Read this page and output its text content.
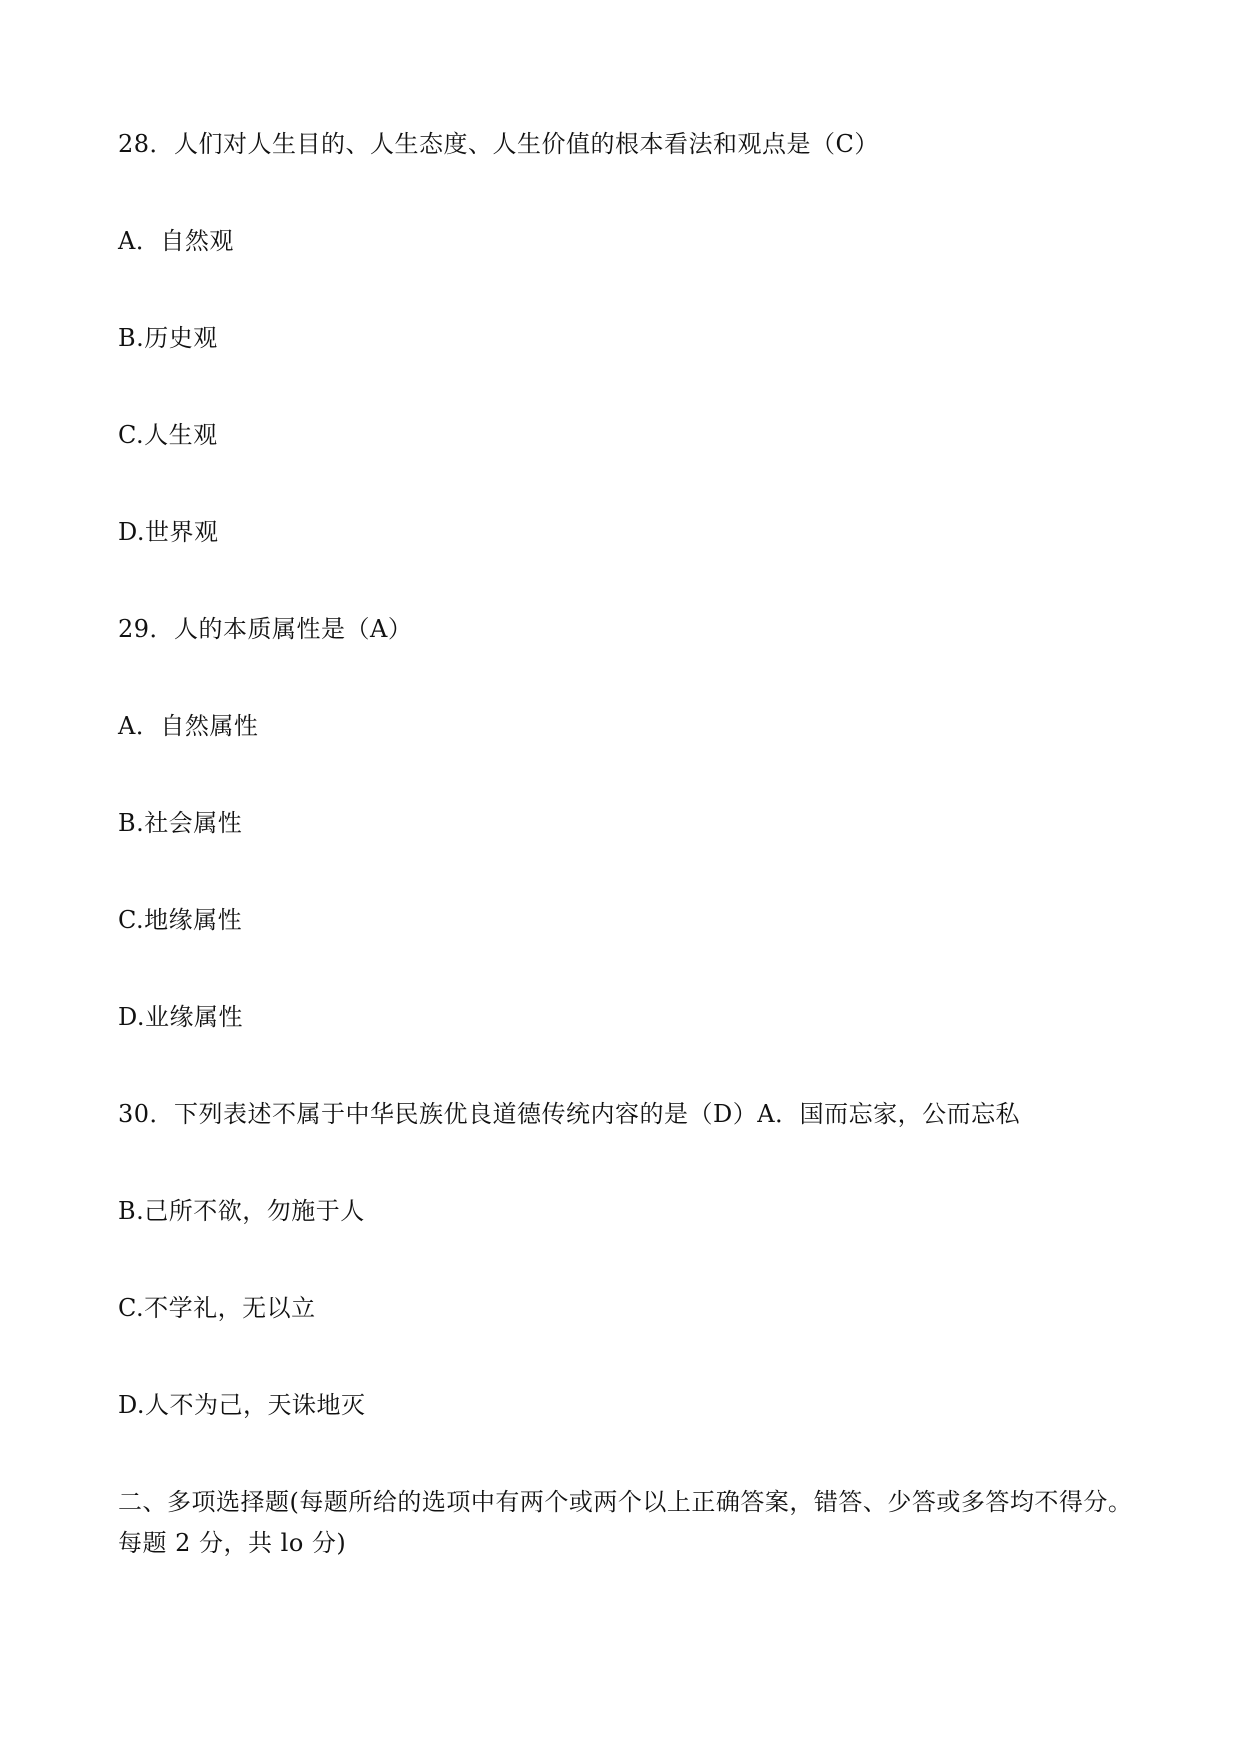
28．人们对人生目的、人生态度、人生价值的根本看法和观点是（C）
A．自然观
B.历史观
C.人生观
D.世界观
29．人的本质属性是（A）
A．自然属性
B.社会属性
C.地缘属性
D.业缘属性
30．下列表述不属于中华民族优良道德传统内容的是（D）A．国而忘家，公而忘私
B.己所不欲，勿施于人
C.不学礼，无以立
D.人不为己，天诛地灭
二、多项选择题(每题所给的选项中有两个或两个以上正确答案，错答、少答或多答均不得分。
每题 2 分，共 lo 分)
